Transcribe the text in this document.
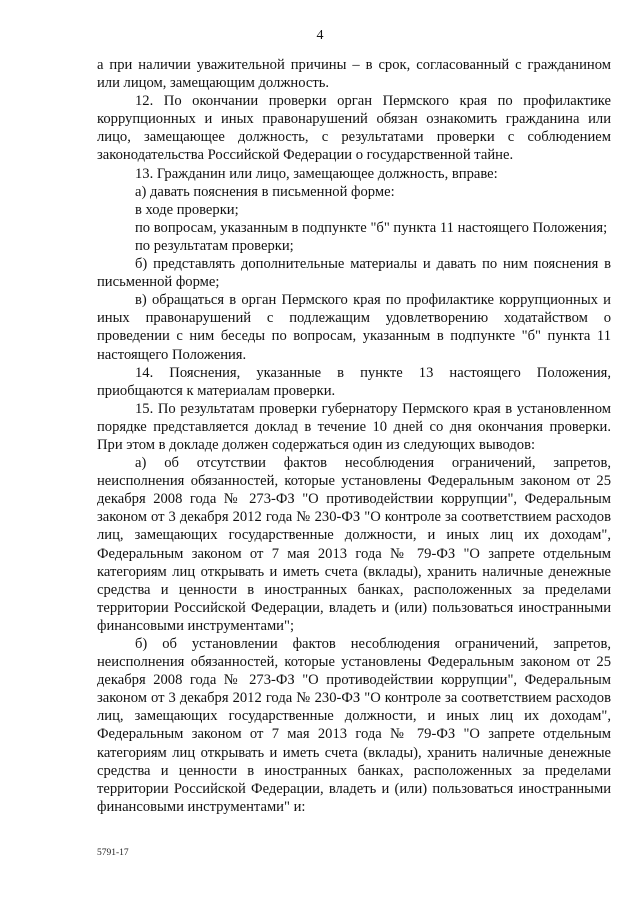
4

а при наличии уважительной причины – в срок, согласованный с гражданином или лицом, замещающим должность.

12. По окончании проверки орган Пермского края по профилактике коррупционных и иных правонарушений обязан ознакомить гражданина или лицо, замещающее должность, с результатами проверки с соблюдением законодательства Российской Федерации о государственной тайне.

13. Гражданин или лицо, замещающее должность, вправе:

а) давать пояснения в письменной форме:

в ходе проверки;

по вопросам, указанным в подпункте "б" пункта 11 настоящего Положения;

по результатам проверки;

б) представлять дополнительные материалы и давать по ним пояснения в письменной форме;

в) обращаться в орган Пермского края по профилактике коррупционных и иных правонарушений с подлежащим удовлетворению ходатайством о проведении с ним беседы по вопросам, указанным в подпункте "б" пункта 11 настоящего Положения.

14. Пояснения, указанные в пункте 13 настоящего Положения, приобщаются к материалам проверки.

15. По результатам проверки губернатору Пермского края в установленном порядке представляется доклад в течение 10 дней со дня окончания проверки. При этом в докладе должен содержаться один из следующих выводов:

а) об отсутствии фактов несоблюдения ограничений, запретов, неисполнения обязанностей, которые установлены Федеральным законом от 25 декабря 2008 года № 273-ФЗ "О противодействии коррупции", Федеральным законом от 3 декабря 2012 года № 230-ФЗ "О контроле за соответствием расходов лиц, замещающих государственные должности, и иных лиц их доходам", Федеральным законом от 7 мая 2013 года № 79-ФЗ "О запрете отдельным категориям лиц открывать и иметь счета (вклады), хранить наличные денежные средства и ценности в иностранных банках, расположенных за пределами территории Российской Федерации, владеть и (или) пользоваться иностранными финансовыми инструментами";

б) об установлении фактов несоблюдения ограничений, запретов, неисполнения обязанностей, которые установлены Федеральным законом от 25 декабря 2008 года № 273-ФЗ "О противодействии коррупции", Федеральным законом от 3 декабря 2012 года № 230-ФЗ "О контроле за соответствием расходов лиц, замещающих государственные должности, и иных лиц их доходам", Федеральным законом от 7 мая 2013 года № 79-ФЗ "О запрете отдельным категориям лиц открывать и иметь счета (вклады), хранить наличные денежные средства и ценности в иностранных банках, расположенных за пределами территории Российской Федерации, владеть и (или) пользоваться иностранными финансовыми инструментами" и:

5791-17
